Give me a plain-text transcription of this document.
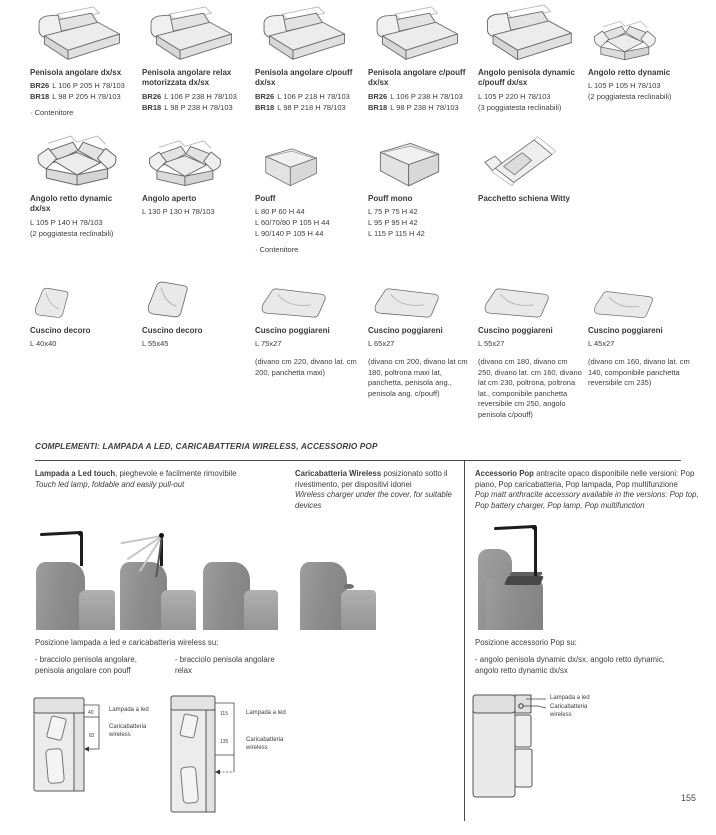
Penisola angolare dx/sx
BR26 L 106 P 205 H 78/103
BR18 L 98 P 205 H 78/103
· Contenitore
Penisola angolare relax motorizzata dx/sx
BR26 L 106 P 238 H 78/103
BR18 L 98 P 238 H 78/103
Penisola angolare c/pouff dx/sx
BR26 L 106 P 218 H 78/103
BR18 L 98 P 218 H 78/103
Penisola angolare c/pouff dx/sx
BR26 L 106 P 238 H 78/103
BR18 L 98 P 238 H 78/103
Angolo penisola dynamic c/pouff dx/sx
L 105 P 220 H 78/103
(3 poggiatesta reclinabili)
Angolo retto dynamic
L 105 P 105 H 78/103
(2 poggiatesta reclinabili)
Angolo retto dynamic dx/sx
L 105 P 140 H 78/103
(2 poggiatesta reclinabili)
Angolo aperto
L 130 P 130 H 78/103
Pouff
L 80 P 60 H 44
L 60/70/80 P 105 H 44
L 90/140 P 105 H 44
· Contenitore
Pouff mono
L 75 P 75 H 42
L 95 P 95 H 42
L 115 P 115 H 42
Pacchetto schiena Witty
Cuscino decoro
L 40x40
Cuscino decoro
L 55x45
Cuscino poggiareni
L 75x27
(divano cm 220, divano lat. cm 200, panchetta maxi)
Cuscino poggiareni
L 65x27
(divano cm 200, divano lat cm 180, poltrona maxi lat, panchetta, penisola ang., penisola ang. c/pouff)
Cuscino poggiareni
L 55x27
(divano cm 180, divano cm 250, divano lat. cm 160, divano lat cm 230, poltrona, poltrona lat., componibile panchetta reversibile cm 250, angolo penisola c/pouff)
Cuscino poggiareni
L 45x27
(divano cm 160, divano lat. cm 140, componibile panchetta reversibile cm 235)
COMPLEMENTI: LAMPADA A LED, CARICABATTERIA WIRELESS, ACCESSORIO POP
Lampada a Led touch, pieghevole e facilmente rimovibile
Touch led lamp, foldable and easily pull-out
Caricabatteria Wireless posizionato sotto il rivestimento, per dispositivi idonei
Wireless charger under the cover, for suitable devices
Accessorio Pop antracite opaco disponibile nelle versioni: Pop piano, Pop caricabatteria, Pop lampada, Pop multifunzione
Pop matt anthracite accessory available in the versions: Pop top, Pop battery charger, Pop lamp, Pop multifunction
Posizione lampada a led e caricabatteria wireless su:
- bracciolo penisola angolare, penisola angolare con pouff
- bracciolo penisola angolare relax
Posizione accessorio Pop su:
- angolo penisola dynamic dx/sx, angolo retto dynamic, angolo retto dynamic dx/sx
40
82
Lampada a led
Caricabatteria wireless
115
135
Lampada a led
Caricabatteria wireless
Lampada a led
Caricabatteria wireless
155
